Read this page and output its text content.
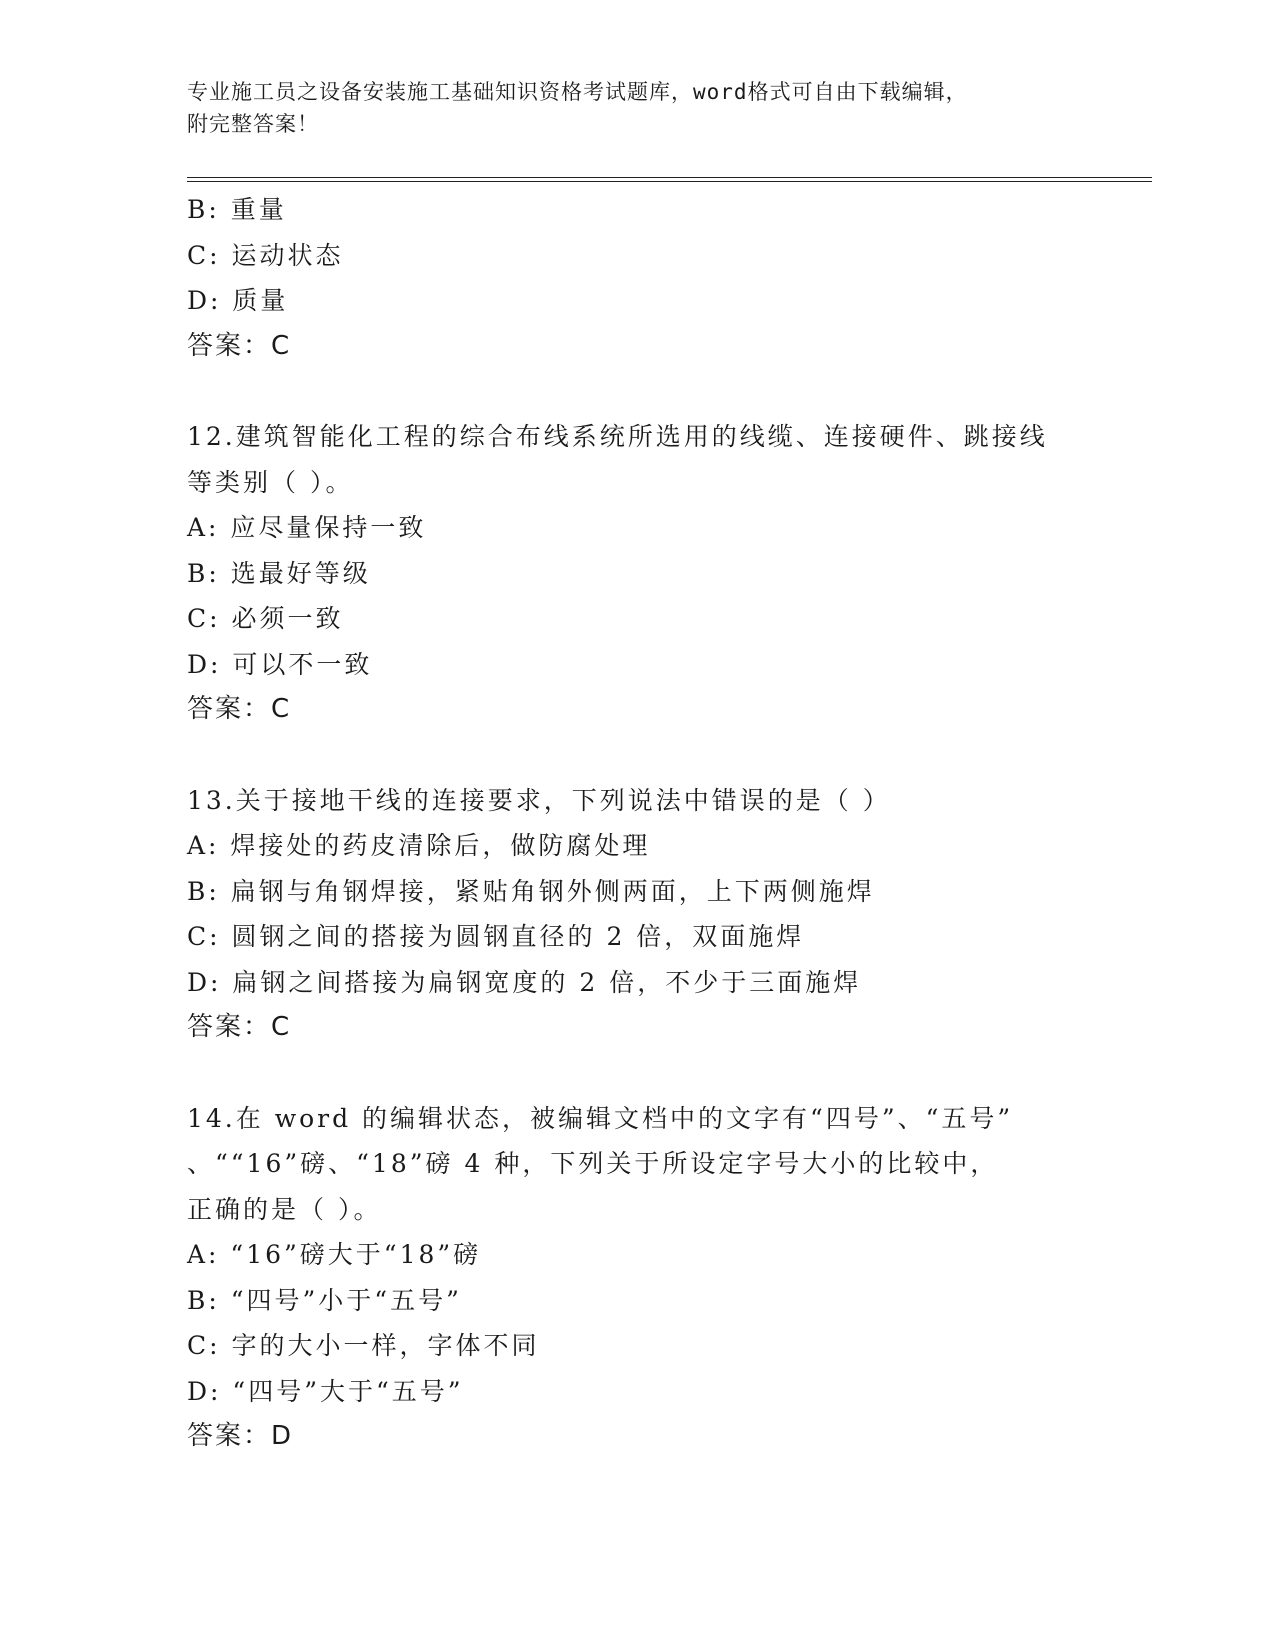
专业施工员之设备安装施工基础知识资格考试题库，word格式可自由下载编辑，
附完整答案！
B: 重量
C: 运动状态
D: 质量
答案：C
12.建筑智能化工程的综合布线系统所选用的线缆、连接硬件、跳接线
等类别（ ）。
A: 应尽量保持一致
B: 选最好等级
C: 必须一致
D: 可以不一致
答案：C
13.关于接地干线的连接要求，下列说法中错误的是（ ）
A: 焊接处的药皮清除后，做防腐处理
B: 扁钢与角钢焊接，紧贴角钢外侧两面，上下两侧施焊
C: 圆钢之间的搭接为圆钢直径的 2 倍，双面施焊
D: 扁钢之间搭接为扁钢宽度的 2 倍，不少于三面施焊
答案：C
14.在 word 的编辑状态，被编辑文档中的文字有“四号”、“五号”
、““16”磅、“18”磅 4 种，下列关于所设定字号大小的比较中，
正确的是（ ）。
A: “16”磅大于“18”磅
B: “四号”小于“五号”
C: 字的大小一样，字体不同
D: “四号”大于“五号”
答案：D
